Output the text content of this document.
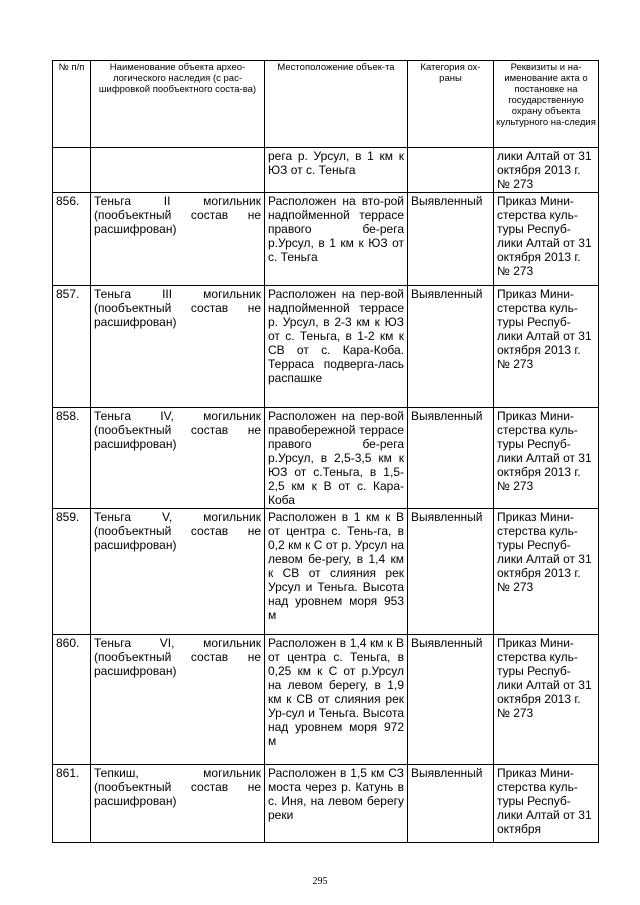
№ п/п	Наименование объекта архео-логического наследия (с рас-шифровкой пообъектного соста-ва)	Местоположение объек-та	Категория ох-раны	Реквизиты и на-именование акта о постановке на государственную охрану объекта культурного на-следия
		рега р. Урсул, в 1 км к ЮЗ от с. Теньга		лики Алтай от 31 октября 2013 г. № 273
856.	Теньга II могильник (пообъектный состав не расшифрован)	Расположен на вто-рой надпойменной террасе правого бе-рега р.Урсул, в 1 км к ЮЗ от с. Теньга	Выявленный	Приказ Мини-стерства куль-туры Респуб-лики Алтай от 31 октября 2013 г. № 273
857.	Теньга III могильник (пообъектный состав не расшифрован)	Расположен на пер-вой надпойменной террасе р. Урсул, в 2-3 км к ЮЗ от с. Теньга, в 1-2 км к СВ от с. Кара-Коба. Терраса подверга-лась распашке	Выявленный	Приказ Мини-стерства куль-туры Респуб-лики Алтай от 31 октября 2013 г. № 273
858.	Теньга IV, могильник (пообъектный состав не расшифрован)	Расположен на пер-вой правобережной террасе правого бе-рега р.Урсул, в 2,5-3,5 км к ЮЗ от с.Теньга, в 1,5-2,5 км к В от с. Кара-Коба	Выявленный	Приказ Мини-стерства куль-туры Респуб-лики Алтай от 31 октября 2013 г. № 273
859.	Теньга V, могильник (пообъектный состав не расшифрован)	Расположен в 1 км к В от центра с. Тень-га, в 0,2 км к С от р. Урсул на левом бе-регу, в 1,4 км к СВ от слияния рек Урсул и Теньга. Высота над уровнем моря 953 м	Выявленный	Приказ Мини-стерства куль-туры Респуб-лики Алтай от 31 октября 2013 г. № 273
860.	Теньга VI, могильник (пообъектный состав не расшифрован)	Расположен в 1,4 км к В от центра с. Теньга, в 0,25 км к С от р.Урсул на левом берегу, в 1,9 км к СВ от слияния рек Ур-сул и Теньга. Высота над уровнем моря 972 м	Выявленный	Приказ Мини-стерства куль-туры Респуб-лики Алтай от 31 октября 2013 г. № 273
861.	Тепкиш, могильник (пообъектный состав не расшифрован)	Расположен в 1,5 км СЗ моста через р. Катунь в с. Иня, на левом берегу реки	Выявленный	Приказ Мини-стерства куль-туры Респуб-лики Алтай от 31 октября
295
